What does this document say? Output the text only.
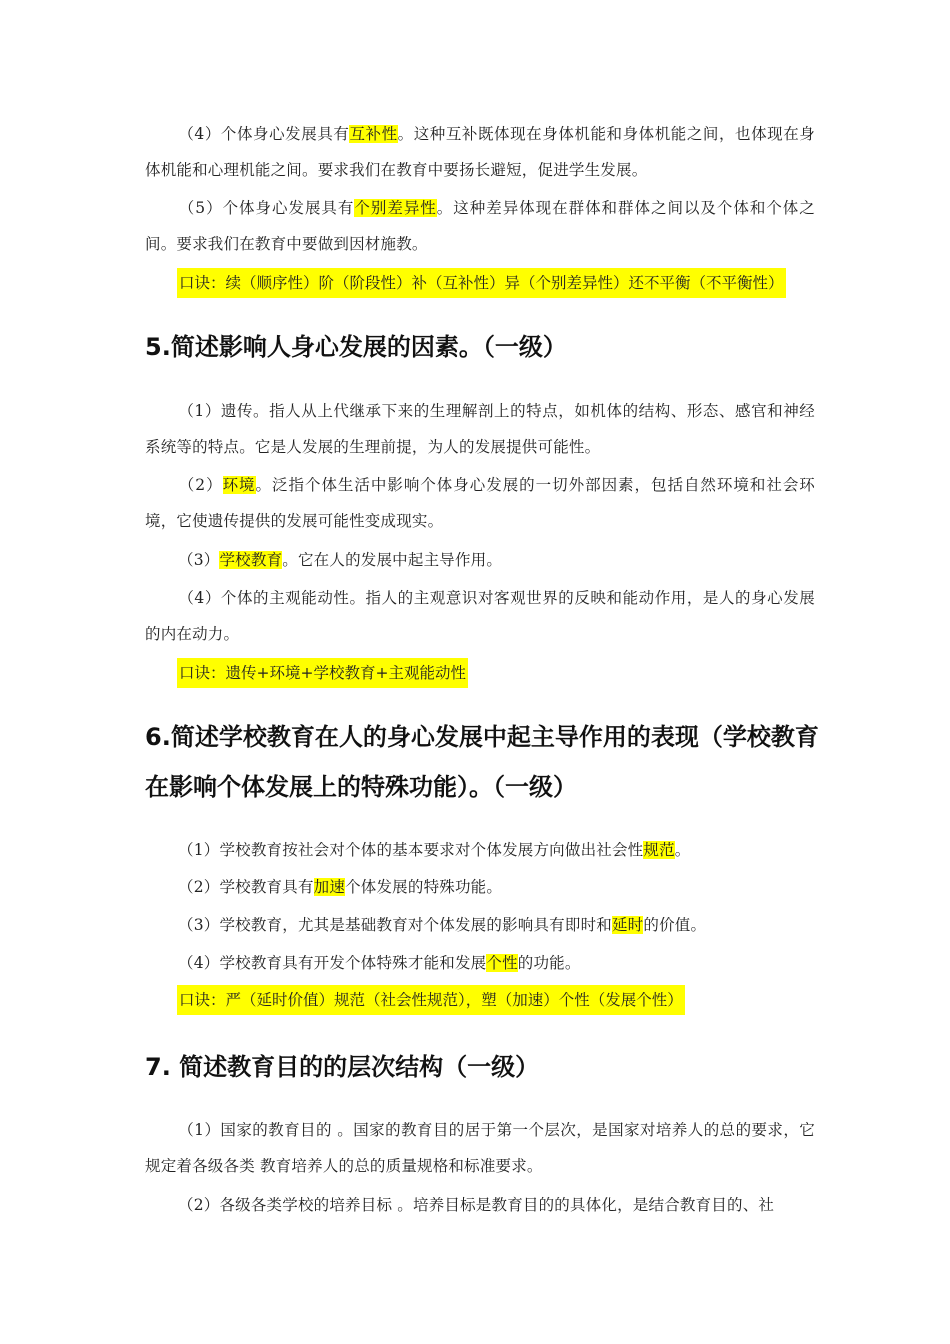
（4）个体身心发展具有互补性。这种互补既体现在身体机能和身体机能之间，也体现在身体机能和心理机能之间。要求我们在教育中要扬长避短，促进学生发展。

（5）个体身心发展具有个别差异性。这种差异体现在群体和群体之间以及个体和个体之间。要求我们在教育中要做到因材施教。

口诀：续（顺序性）阶（阶段性）补（互补性）异（个别差异性）还不平衡（不平衡性）
5.简述影响人身心发展的因素。（一级）

（1）遗传。指人从上代继承下来的生理解剖上的特点，如机体的结构、形态、感官和神经系统等的特点。它是人发展的生理前提，为人的发展提供可能性。

（2）环境。泛指个体生活中影响个体身心发展的一切外部因素，包括自然环境和社会环境，它使遗传提供的发展可能性变成现实。

（3）学校教育。它在人的发展中起主导作用。

（4）个体的主观能动性。指人的主观意识对客观世界的反映和能动作用，是人的身心发展的内在动力。

口诀：遗传+环境+学校教育+主观能动性
6.简述学校教育在人的身心发展中起主导作用的表现（学校教育在影响个体发展上的特殊功能）。（一级）

（1）学校教育按社会对个体的基本要求对个体发展方向做出社会性规范。

（2）学校教育具有加速个体发展的特殊功能。

（3）学校教育，尤其是基础教育对个体发展的影响具有即时和延时的价值。

（4）学校教育具有开发个体特殊才能和发展个性的功能。

口诀：严（延时价值）规范（社会性规范），塑（加速）个性（发展个性）
7. 简述教育目的的层次结构（一级）

（1）国家的教育目的 。国家的教育目的居于第一个层次，是国家对培养人的总的要求，它规定着各级各类 教育培养人的总的质量规格和标准要求。

（2）各级各类学校的培养目标 。培养目标是教育目的的具体化，是结合教育目的、社
